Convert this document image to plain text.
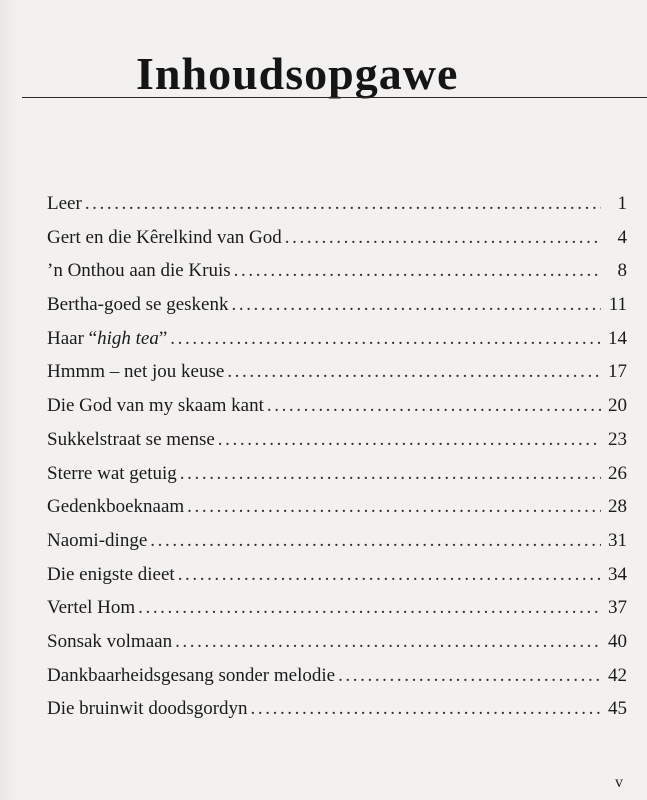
Inhoudsopgawe
Leer .....	1
Gert en die Kêrelkind van God .....	4
’n Onthou aan die Kruis .....	8
Bertha-goed se geskenk .....	11
Haar “high tea” .....	14
Hmmm – net jou keuse .....	17
Die God van my skaam kant .....	20
Sukkelstraat se mense .....	23
Sterre wat getuig .....	26
Gedenkboeknaam .....	28
Naomi-dinge .....	31
Die enigste dieet .....	34
Vertel Hom .....	37
Sonsak volmaan .....	40
Dankbaarheidsgesang sonder melodie .....	42
Die bruinwit doodsgordyn .....	45
v
